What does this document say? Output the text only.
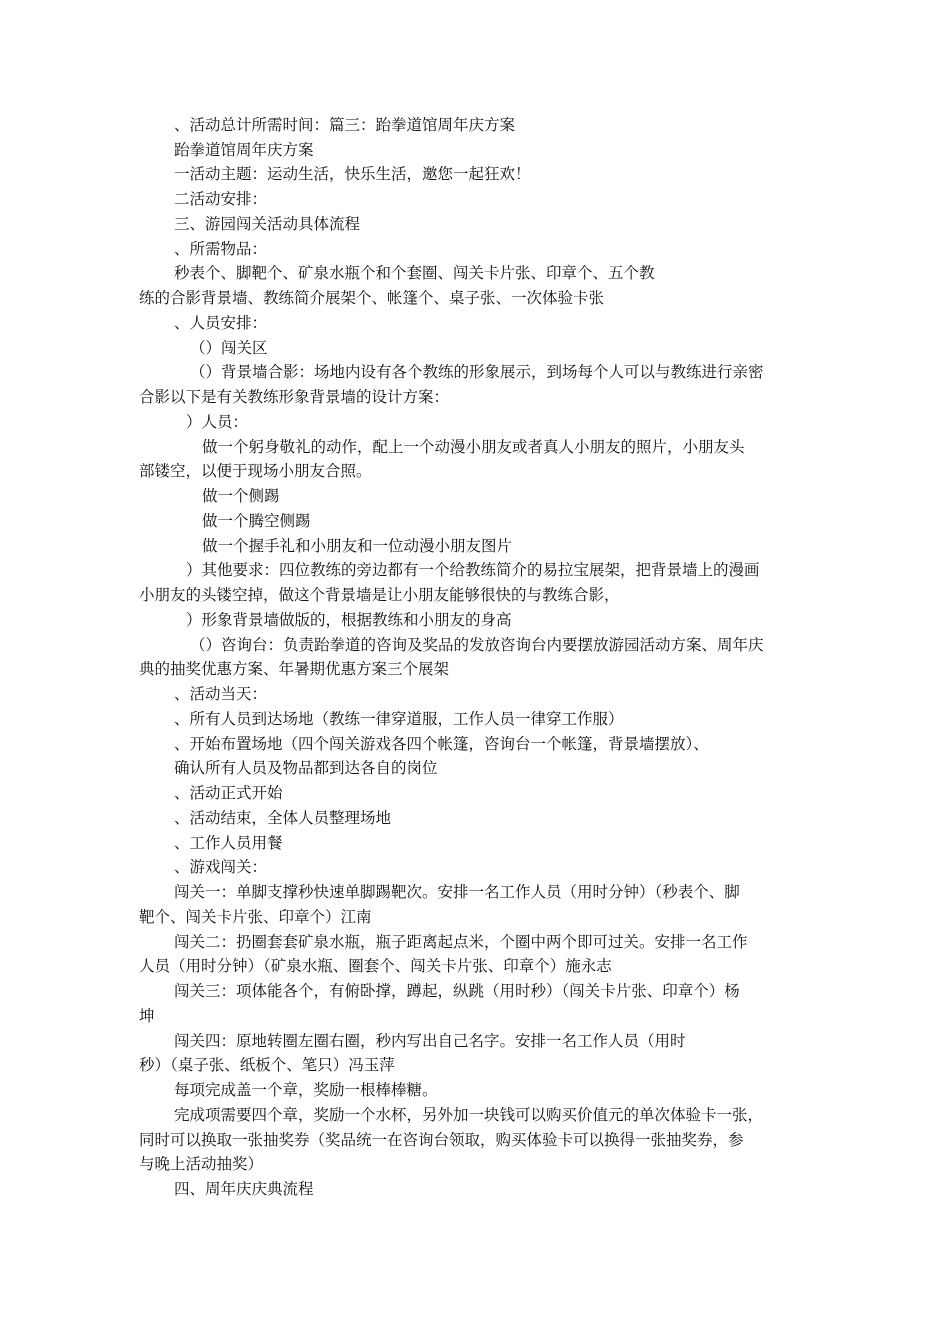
、活动总计所需时间：篇三：跆拳道馆周年庆方案
跆拳道馆周年庆方案
一活动主题：运动生活，快乐生活，邀您一起狂欢！
二活动安排：
三、游园闯关活动具体流程
、所需物品：
秒表个、脚靶个、矿泉水瓶个和个套圈、闯关卡片张、印章个、五个教
练的合影背景墙、教练简介展架个、帐篷个、桌子张、一次体验卡张
、人员安排：
（）闯关区
（）背景墙合影：场地内设有各个教练的形象展示，到场每个人可以与教练进行亲密
合影以下是有关教练形象背景墙的设计方案：
）人员：
做一个躬身敬礼的动作，配上一个动漫小朋友或者真人小朋友的照片，小朋友头
部镂空，以便于现场小朋友合照。
做一个侧踢
做一个腾空侧踢
做一个握手礼和小朋友和一位动漫小朋友图片
）其他要求：四位教练的旁边都有一个给教练简介的易拉宝展架，把背景墙上的漫画
小朋友的头镂空掉，做这个背景墙是让小朋友能够很快的与教练合影，
）形象背景墙做版的，根据教练和小朋友的身高
（）咨询台：负责跆拳道的咨询及奖品的发放咨询台内要摆放游园活动方案、周年庆
典的抽奖优惠方案、年暑期优惠方案三个展架
、活动当天：
、所有人员到达场地（教练一律穿道服，工作人员一律穿工作服）
、开始布置场地（四个闯关游戏各四个帐篷，咨询台一个帐篷，背景墙摆放）、
确认所有人员及物品都到达各自的岗位
、活动正式开始
、活动结束，全体人员整理场地
、工作人员用餐
、游戏闯关：
闯关一：单脚支撑秒快速单脚踢靶次。安排一名工作人员（用时分钟）（秒表个、脚
靶个、闯关卡片张、印章个）江南
闯关二：扔圈套套矿泉水瓶，瓶子距离起点米，个圈中两个即可过关。安排一名工作
人员（用时分钟）（矿泉水瓶、圈套个、闯关卡片张、印章个）施永志
闯关三：项体能各个，有俯卧撑，蹲起，纵跳（用时秒）（闯关卡片张、印章个）杨
坤
闯关四：原地转圈左圈右圈，秒内写出自己名字。安排一名工作人员（用时
秒）（桌子张、纸板个、笔只）冯玉萍
每项完成盖一个章，奖励一根棒棒糖。
完成项需要四个章，奖励一个水杯，另外加一块钱可以购买价值元的单次体验卡一张，
同时可以换取一张抽奖券（奖品统一在咨询台领取，购买体验卡可以换得一张抽奖券，参
与晚上活动抽奖）
四、周年庆庆典流程
